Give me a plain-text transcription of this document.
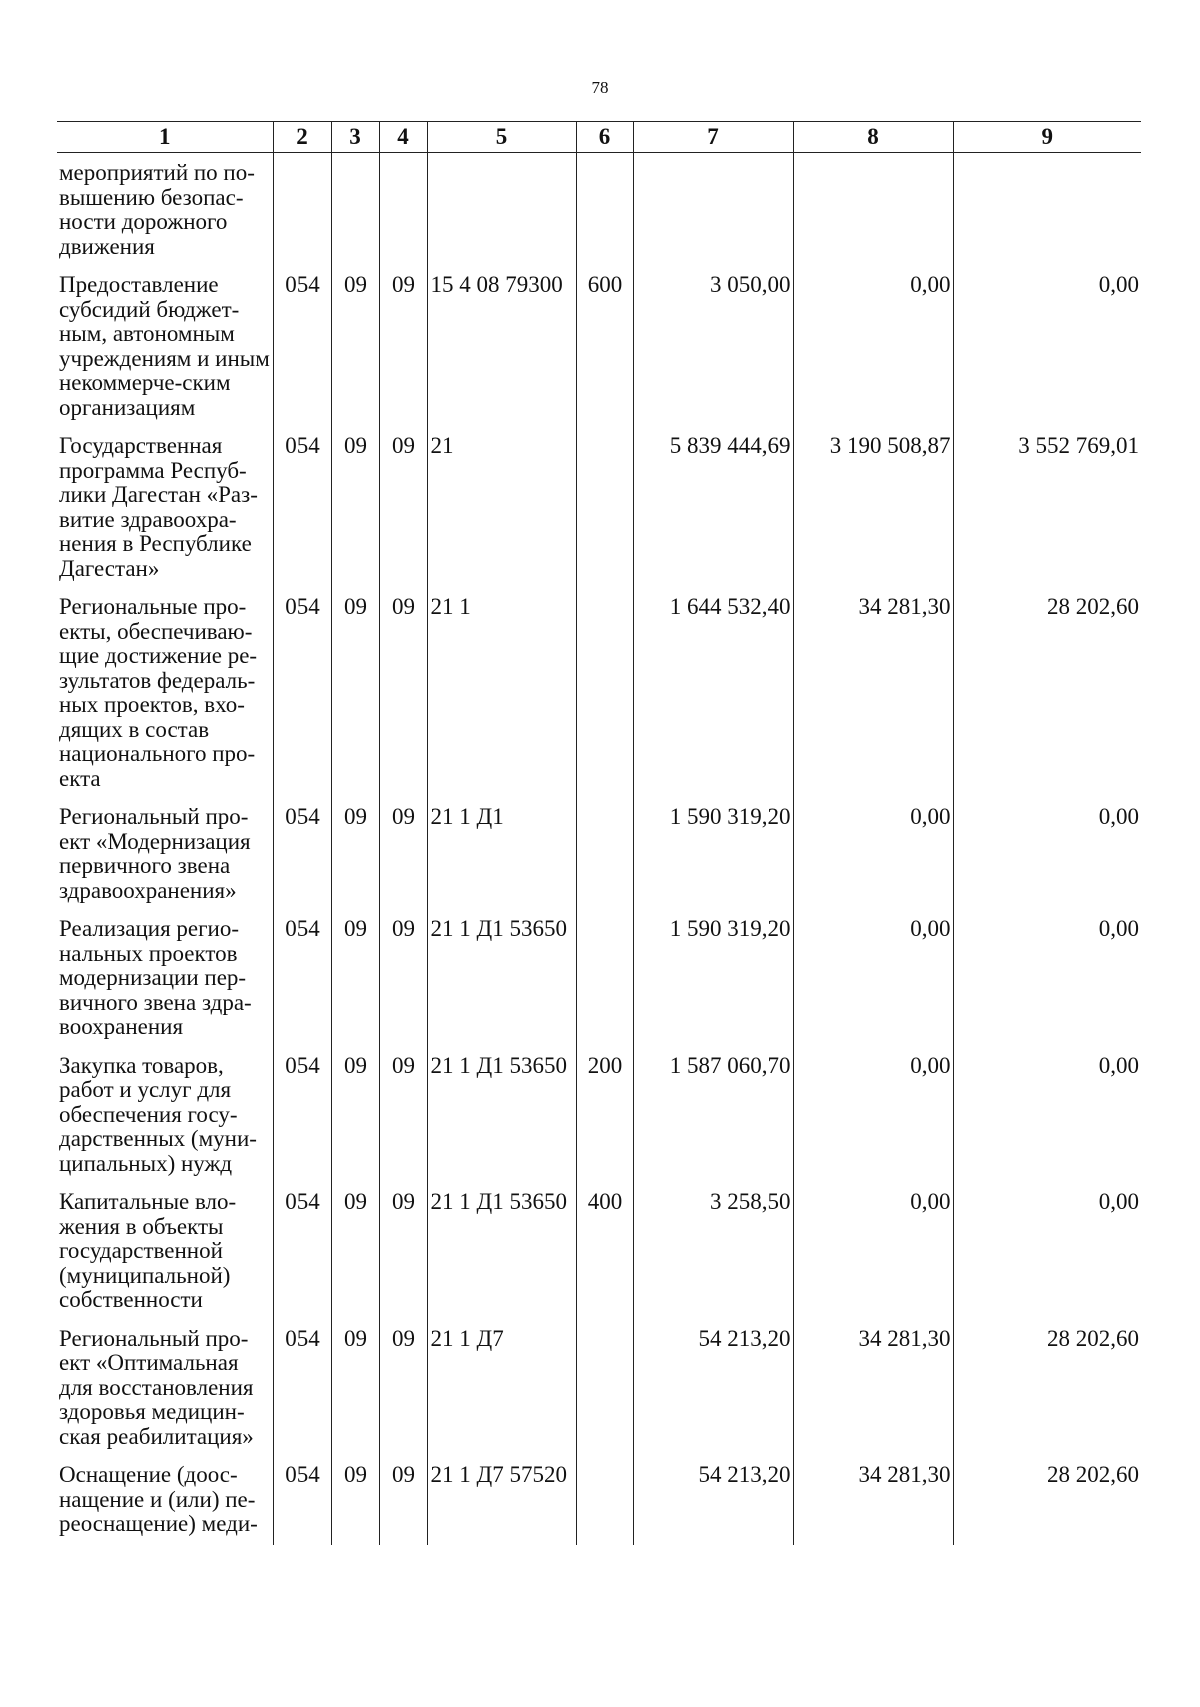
78
1	2	3	4	5	6	7	8	9
мероприятий по по-вышению безопас-ности дорожного движения								
Предоставление субсидий бюджет-ным, автономным учреждениям и иным некоммерче-ским организациям	054	09	09	15 4 08 79300	600	3 050,00	0,00	0,00
Государственная программа Респуб-лики Дагестан «Раз-витие здравоохра-нения в Республике Дагестан»	054	09	09	21		5 839 444,69	3 190 508,87	3 552 769,01
Региональные про-екты, обеспечиваю-щие достижение ре-зультатов федераль-ных проектов, вхо-дящих в состав национального про-екта	054	09	09	21 1		1 644 532,40	34 281,30	28 202,60
Региональный про-ект «Модернизация первичного звена здравоохранения»	054	09	09	21 1 Д1		1 590 319,20	0,00	0,00
Реализация регио-нальных проектов модернизации пер-вичного звена здра-воохранения	054	09	09	21 1 Д1 53650		1 590 319,20	0,00	0,00
Закупка товаров, работ и услуг для обеспечения госу-дарственных (муни-ципальных) нужд	054	09	09	21 1 Д1 53650	200	1 587 060,70	0,00	0,00
Капитальные вло-жения в объекты государственной (муниципальной) собственности	054	09	09	21 1 Д1 53650	400	3 258,50	0,00	0,00
Региональный про-ект «Оптимальная для восстановления здоровья медицин-ская реабилитация»	054	09	09	21 1 Д7		54 213,20	34 281,30	28 202,60
Оснащение (доос-нащение и (или) пе-реоснащение) меди-	054	09	09	21 1 Д7 57520		54 213,20	34 281,30	28 202,60
